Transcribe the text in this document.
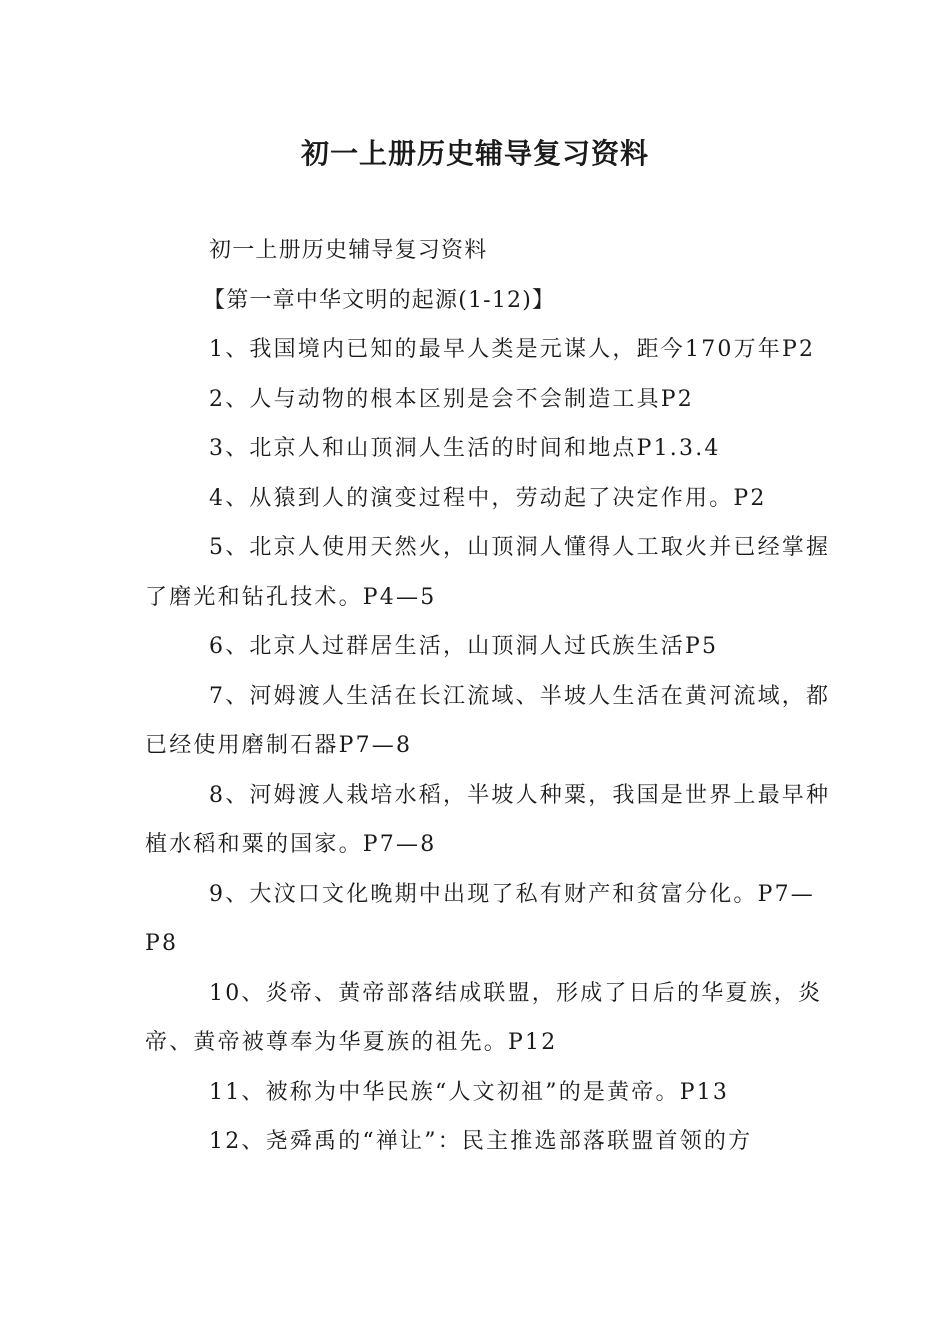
初一上册历史辅导复习资料

初一上册历史辅导复习资料

【第一章中华文明的起源(1-12)】

1、我国境内已知的最早人类是元谋人，距今170万年P2

2、人与动物的根本区别是会不会制造工具P2

3、北京人和山顶洞人生活的时间和地点P1.3.4

4、从猿到人的演变过程中，劳动起了决定作用。P2

5、北京人使用天然火，山顶洞人懂得人工取火并已经掌握了磨光和钻孔技术。P4—5

6、北京人过群居生活，山顶洞人过氏族生活P5

7、河姆渡人生活在长江流域、半坡人生活在黄河流域，都已经使用磨制石器P7—8

8、河姆渡人栽培水稻，半坡人种粟，我国是世界上最早种植水稻和粟的国家。P7—8

9、大汶口文化晚期中出现了私有财产和贫富分化。P7—P8

10、炎帝、黄帝部落结成联盟，形成了日后的华夏族，炎帝、黄帝被尊奉为华夏族的祖先。P12

11、被称为中华民族“人文初祖”的是黄帝。P13

12、尧舜禹的“禅让”：民主推选部落联盟首领的方
